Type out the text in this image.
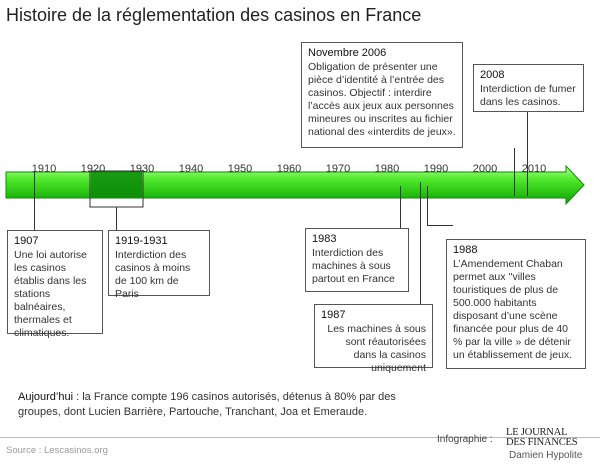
Histoire de la réglementation des casinos en France
1910	1920	1930	1940	1950	1960	1970	1980	1990	2000	2010
1907
Une loi autorise les casinos établis dans les stations balnéaires, thermales et climatiques.
1919-1931
Interdiction des casinos à moins de 100 km de Paris
1983
Interdiction des machines à sous partout en France
1987
Les machines à sous sont réautorisées dans la casinos uniquement
1988
L’Amendement Chaban permet aux ''villes touristiques de plus de 500.000 habitants disposant d’une scène financée pour plus de 40 % par la ville » de détenir un établissement de jeux.
Novembre 2006
Obligation de présenter une pièce d’identité à l’entrée des casinos. Objectif : interdire l’accès aux jeux aux personnes mineures ou inscrites au fichier national des «interdits de jeux».
2008
Interdiction de fumer dans les casinos.
Aujourd’hui : la France compte 196 casinos autorisés, détenus à 80% par des groupes, dont Lucien Barrière, Partouche, Tranchant, Joa et Emeraude.
Source : Lescasinos.org
Infographie :
LE JOURNAL
DES FINANCES
Damien Hypolite
